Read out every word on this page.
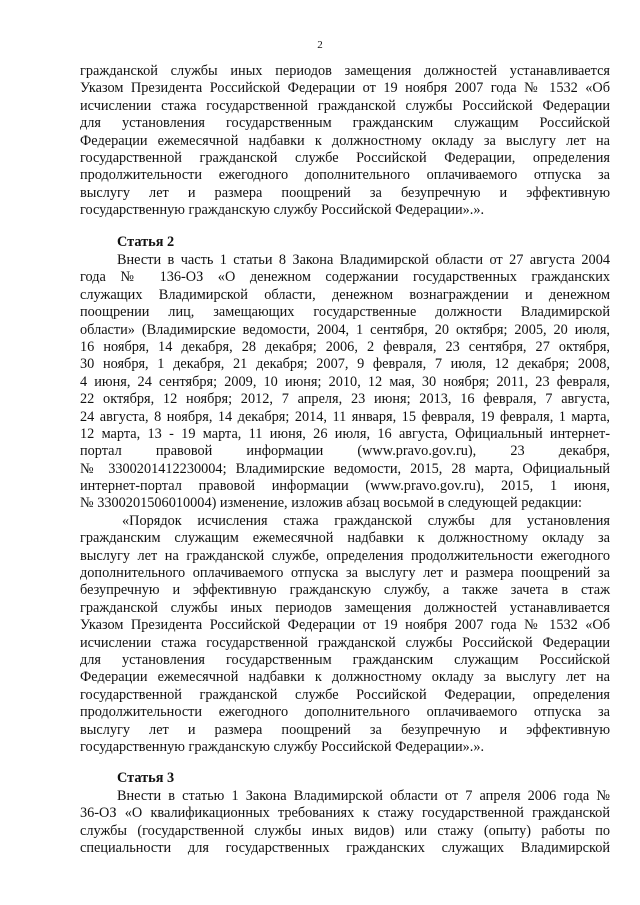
2
гражданской службы иных периодов замещения должностей устанавливается
Указом Президента Российской Федерации от 19 ноября 2007 года № 1532 «Об
исчислении стажа государственной гражданской службы Российской Федерации
для установления государственным гражданским служащим Российской
Федерации ежемесячной надбавки к должностному окладу за выслугу лет на
государственной гражданской службе Российской Федерации, определения
продолжительности ежегодного дополнительного оплачиваемого отпуска за
выслугу лет и размера поощрений за безупречную и эффективную
государственную гражданскую службу Российской Федерации».».
Статья 2
Внести в часть 1 статьи 8 Закона Владимирской области от 27 августа 2004
года № 136-ОЗ «О денежном содержании государственных гражданских
служащих Владимирской области, денежном вознаграждении и денежном
поощрении лиц, замещающих государственные должности Владимирской
области» (Владимирские ведомости, 2004, 1 сентября, 20 октября; 2005, 20 июля,
16 ноября, 14 декабря, 28 декабря; 2006, 2 февраля, 23 сентября, 27 октября,
30 ноября, 1 декабря, 21 декабря; 2007, 9 февраля, 7 июля, 12 декабря; 2008,
4 июня, 24 сентября; 2009, 10 июня; 2010, 12 мая, 30 ноября; 2011, 23 февраля,
22 октября, 12 ноября; 2012, 7 апреля, 23 июня; 2013, 16 февраля, 7 августа,
24 августа, 8 ноября, 14 декабря; 2014, 11 января, 15 февраля, 19 февраля, 1 марта,
12 марта, 13 - 19 марта, 11 июня, 26 июля, 16 августа, Официальный интернет-
портал правовой информации (www.pravo.gov.ru), 23 декабря,
№ 3300201412230004; Владимирские ведомости, 2015, 28 марта, Официальный
интернет-портал правовой информации (www.pravo.gov.ru), 2015, 1 июня,
№ 3300201506010004) изменение, изложив абзац восьмой в следующей редакции:
«Порядок исчисления стажа гражданской службы для установления
гражданским служащим ежемесячной надбавки к должностному окладу за
выслугу лет на гражданской службе, определения продолжительности ежегодного
дополнительного оплачиваемого отпуска за выслугу лет и размера поощрений за
безупречную и эффективную гражданскую службу, а также зачета в стаж
гражданской службы иных периодов замещения должностей устанавливается
Указом Президента Российской Федерации от 19 ноября 2007 года № 1532 «Об
исчислении стажа государственной гражданской службы Российской Федерации
для установления государственным гражданским служащим Российской
Федерации ежемесячной надбавки к должностному окладу за выслугу лет на
государственной гражданской службе Российской Федерации, определения
продолжительности ежегодного дополнительного оплачиваемого отпуска за
выслугу лет и размера поощрений за безупречную и эффективную
государственную гражданскую службу Российской Федерации».».
Статья 3
Внести в статью 1 Закона Владимирской области от 7 апреля 2006 года №
36-ОЗ «О квалификационных требованиях к стажу государственной гражданской
службы (государственной службы иных видов) или стажу (опыту) работы по
специальности для государственных гражданских служащих Владимирской
